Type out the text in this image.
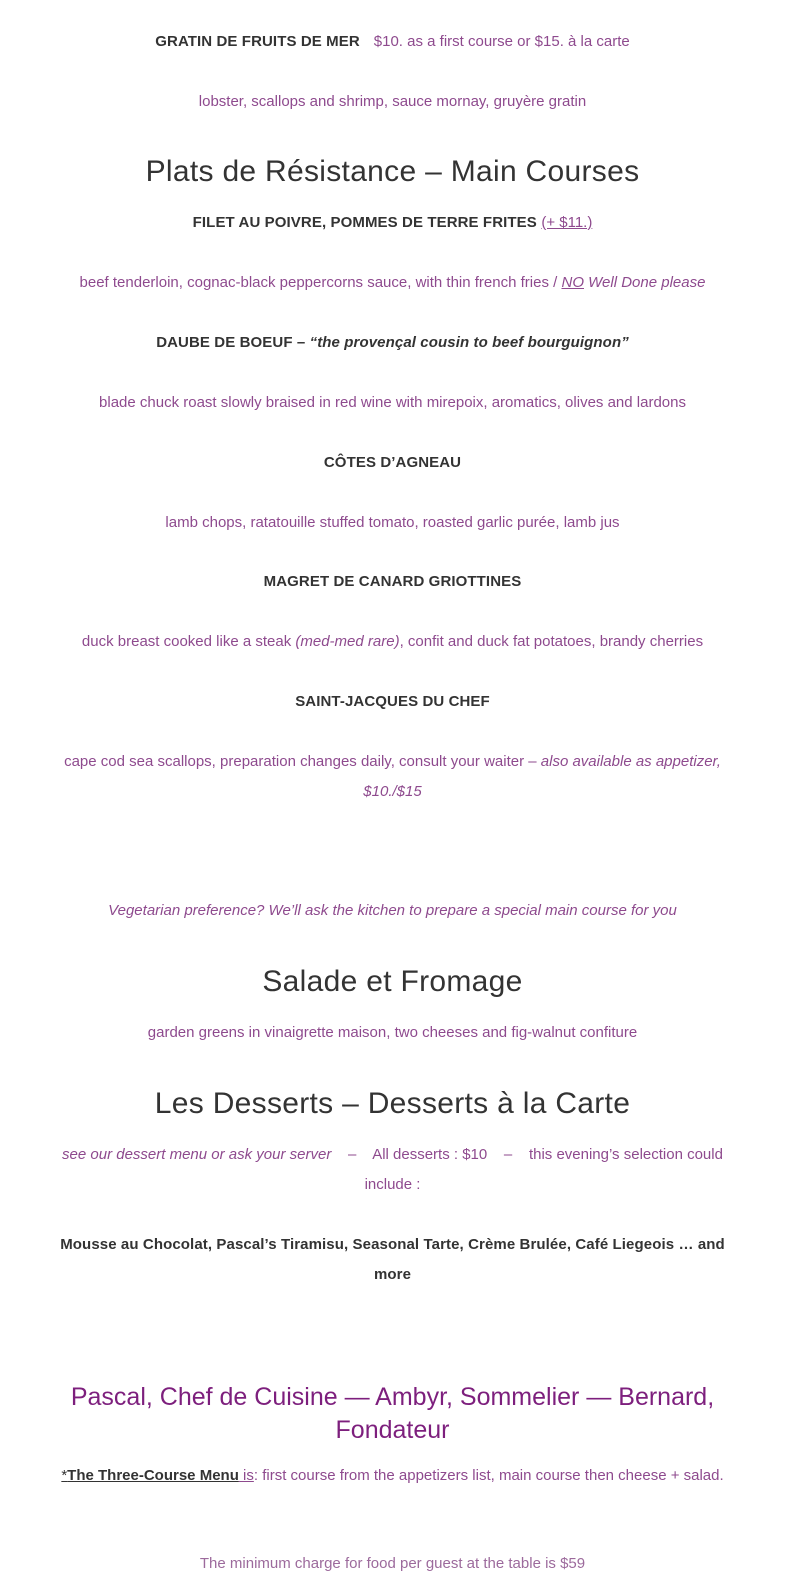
GRATIN DE FRUITS DE MER $10. as a first course or $15. à la carte
lobster, scallops and shrimp, sauce mornay, gruyère gratin
Plats de Résistance – Main Courses
FILET AU POIVRE, POMMES DE TERRE FRITES (+ $11.)
beef tenderloin, cognac-black peppercorns sauce, with thin french fries / NO Well Done please
DAUBE DE BOEUF – “the provençal cousin to beef bourguignon”
blade chuck roast slowly braised in red wine with mirepoix, aromatics, olives and lardons
CÔTES D’AGNEAU
lamb chops, ratatouille stuffed tomato, roasted garlic purée, lamb jus
MAGRET DE CANARD GRIOTTINES
duck breast cooked like a steak (med-med rare), confit and duck fat potatoes, brandy cherries
SAINT-JACQUES DU CHEF
cape cod sea scallops, preparation changes daily, consult your waiter – also available as appetizer, $10./$15
Vegetarian preference? We’ll ask the kitchen to prepare a special main course for you
Salade et Fromage
garden greens in vinaigrette maison, two cheeses and fig-walnut confiture
Les Desserts – Desserts à la Carte
see our dessert menu or ask your server – All desserts : $10 – this evening’s selection could include :
Mousse au Chocolat, Pascal’s Tiramisu, Seasonal Tarte, Crème Brulée, Café Liegeois … and more
Pascal, Chef de Cuisine — Ambyr, Sommelier — Bernard, Fondateur
*The Three-Course Menu is: first course from the appetizers list, main course then cheese + salad.
The minimum charge for food per guest at the table is $59
